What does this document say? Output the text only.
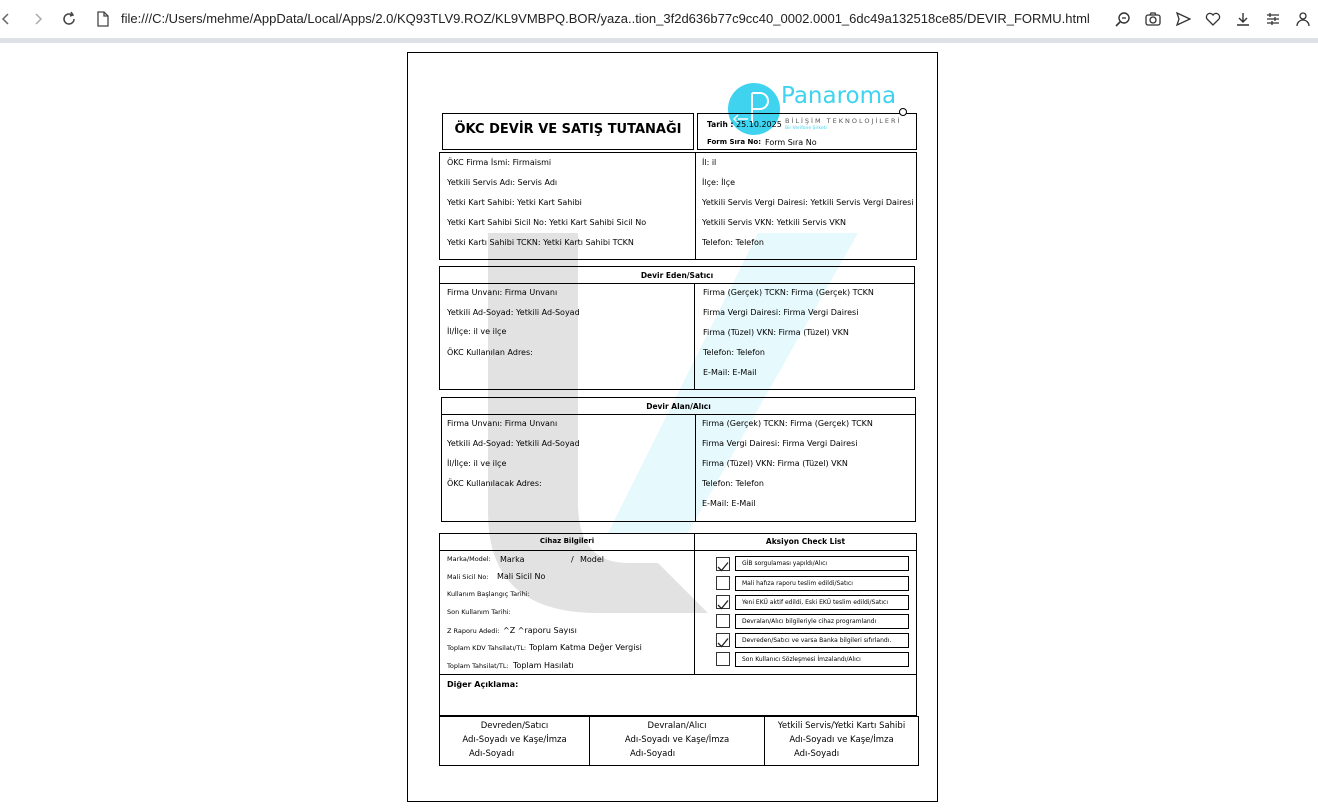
file:///C:/Users/mehme/AppData/Local/Apps/2.0/KQ93TLV9.ROZ/KL9VMBPQ.BOR/yaza..tion_3f2d636b77c9cc40_0002.0001_6dc49a132518ce85/DEVIR_FORMU.html
Panaroma
BİLİŞİM TEKNOLOJİLERİ
Bir Verifone Şirketi
ÖKC DEVİR VE SATIŞ TUTANAĞI	Tarih : 25.10.2025
Form Sıra No: Form Sıra No
ÖKC Firma İsmi: Firmaismi
Yetkili Servis Adı: Servis Adı
Yetki Kart Sahibi: Yetki Kart Sahibi
Yetki Kart Sahibi Sicil No: Yetki Kart Sahibi Sicil No
Yetki Kartı Sahibi TCKN: Yetki Kartı Sahibi TCKN
İl: il
İlçe: İlçe
Yetkili Servis Vergi Dairesi: Yetkili Servis Vergi Dairesi
Yetkili Servis VKN: Yetkili Servis VKN
Telefon: Telefon
Devir Eden/Satıcı
Firma Unvanı: Firma Unvanı
Yetkili Ad-Soyad: Yetkili Ad-Soyad
İl/İlçe: il ve ilçe
ÖKC Kullanılan Adres:
Firma (Gerçek) TCKN: Firma (Gerçek) TCKN
Firma Vergi Dairesi: Firma Vergi Dairesi
Firma (Tüzel) VKN: Firma (Tüzel) VKN
Telefon: Telefon
E-Mail: E-Mail
Devir Alan/Alıcı
Firma Unvanı: Firma Unvanı
Yetkili Ad-Soyad: Yetkili Ad-Soyad
İl/İlçe: il ve ilçe
ÖKC Kullanılacak Adres:
Firma (Gerçek) TCKN: Firma (Gerçek) TCKN
Firma Vergi Dairesi: Firma Vergi Dairesi
Firma (Tüzel) VKN: Firma (Tüzel) VKN
Telefon: Telefon
E-Mail: E-Mail
Cihaz Bilgileri
Marka/Model: Marka	/ Model
Mali Sicil No: Mali Sicil No
Kullanım Başlangıç Tarihi:
Son Kullanım Tarihi:
Z Raporu Adedi: ^Z ^raporu Sayısı
Toplam KDV Tahsilatı/TL: Toplam Katma Değer Vergisi
Toplam Tahsilat/TL: Toplam Hasılatı
Aksiyon Check List
GİB sorgulaması yapıldı/Alıcı
Mali hafıza raporu teslim edildi/Satıcı
Yeni EKÜ aktif edildi, Eski EKÜ teslim edildi/Satıcı
Devralan/Alıcı bilgileriyle cihaz programlandı
Devreden/Satıcı ve varsa Banka bilgileri sıfırlandı.
Son Kullanıcı Sözleşmesi İmzalandı/Alıcı
Diğer Açıklama:
Devreden/Satıcı
Adı-Soyadı ve Kaşe/İmza
Adı-Soyadı
Devralan/Alıcı
Adı-Soyadı ve Kaşe/İmza
Adı-Soyadı
Yetkili Servis/Yetki Kartı Sahibi
Adı-Soyadı ve Kaşe/İmza
Adı-Soyadı
